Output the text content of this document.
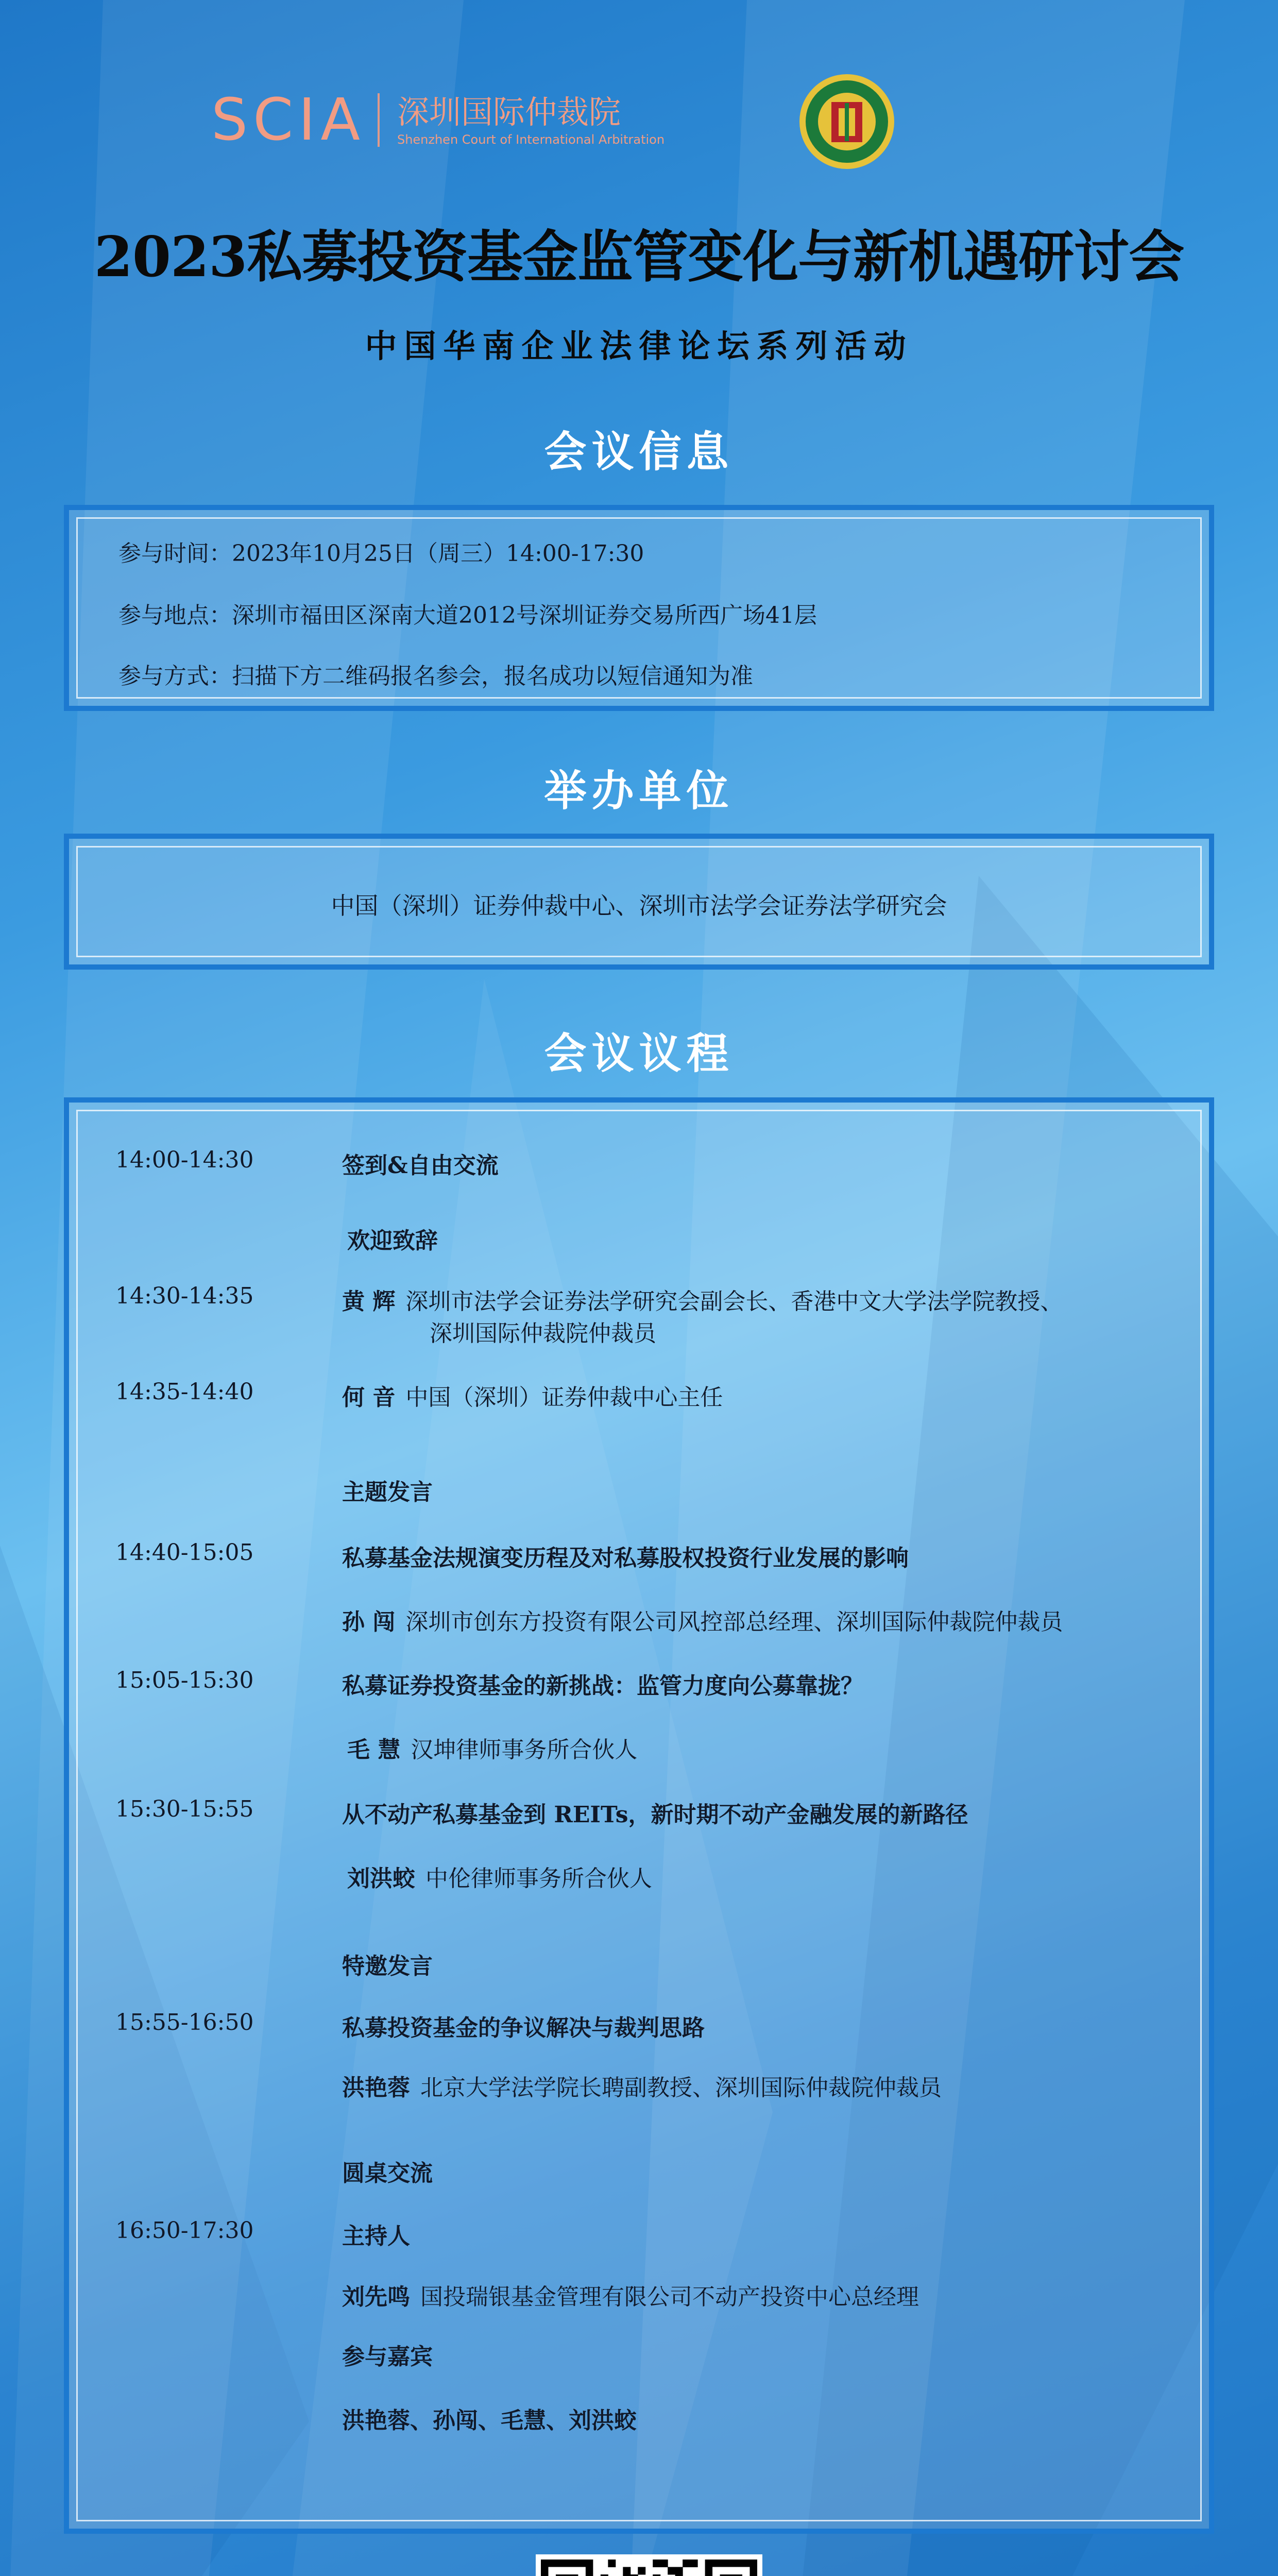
SCIA 深圳国际仲裁院
Shenzhen Court of International Arbitration
2023私募投资基金监管变化与新机遇研讨会
中国华南企业法律论坛系列活动
会议信息
参与时间：2023年10月25日（周三）14:00-17:30
参与地点：深圳市福田区深南大道2012号深圳证券交易所西广场41层
参与方式：扫描下方二维码报名参会，报名成功以短信通知为准
举办单位
中国（深圳）证券仲裁中心、深圳市法学会证券法学研究会
会议议程
14:00-14:30	签到&自由交流
欢迎致辞
14:30-14:35	黄 辉 深圳市法学会证券法学研究会副会长、香港中文大学法学院教授、
深圳国际仲裁院仲裁员
14:35-14:40	何 音 中国（深圳）证券仲裁中心主任
主题发言
14:40-15:05	私募基金法规演变历程及对私募股权投资行业发展的影响
孙 闯 深圳市创东方投资有限公司风控部总经理、深圳国际仲裁院仲裁员
15:05-15:30	私募证券投资基金的新挑战：监管力度向公募靠拢？
毛 慧 汉坤律师事务所合伙人
15:30-15:55	从不动产私募基金到 REITs，新时期不动产金融发展的新路径
刘洪蛟 中伦律师事务所合伙人
特邀发言
15:55-16:50	私募投资基金的争议解决与裁判思路
洪艳蓉 北京大学法学院长聘副教授、深圳国际仲裁院仲裁员
圆桌交流
16:50-17:30	主持人
刘先鸣 国投瑞银基金管理有限公司不动产投资中心总经理
参与嘉宾
洪艳蓉、孙闯、毛慧、刘洪蛟
